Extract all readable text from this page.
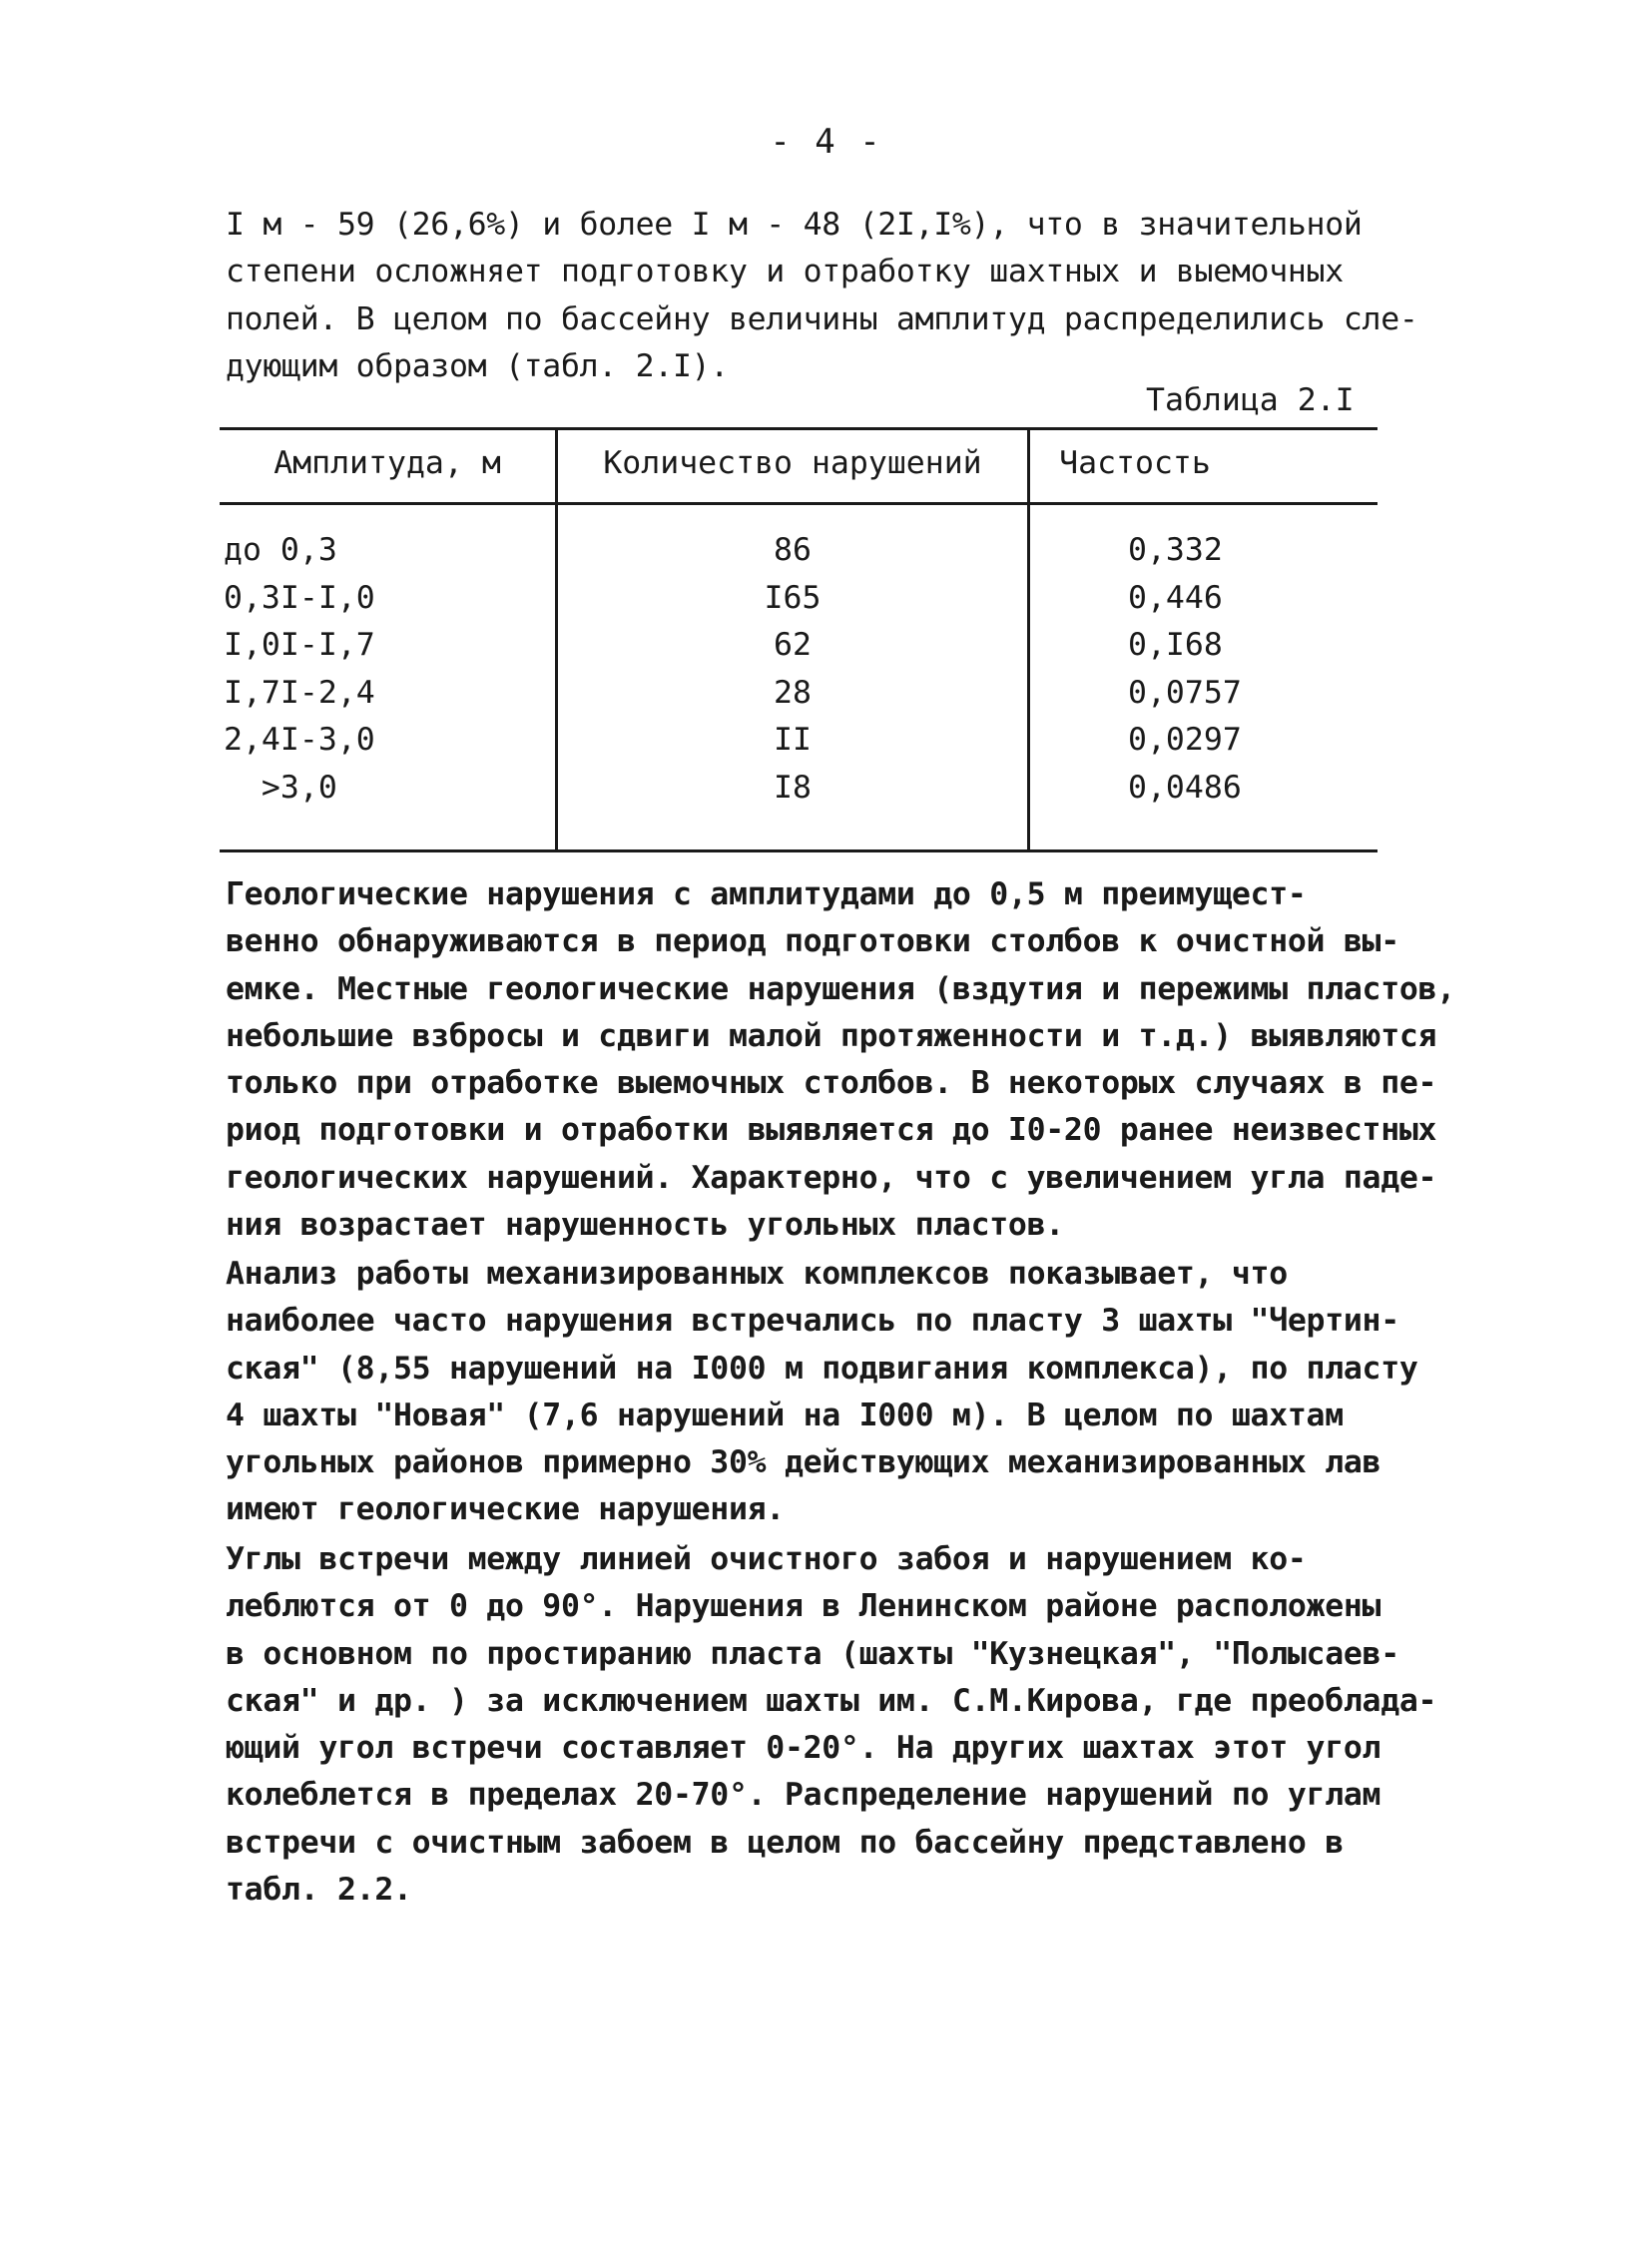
- 4 -

I м - 59 (26,6%) и более I м - 48 (2I,I%), что в значительной
степени осложняет подготовку и отработку шахтных и выемочных
полей. В целом по бассейну величины амплитуд распределились сле-
дующим образом (табл. 2.I).

Таблица 2.I
Амплитуда, м	Количество нарушений	Частость
до 0,3	86	0,332
0,3I-I,0	I65	0,446
I,0I-I,7	62	0,I68
I,7I-2,4	28	0,0757
2,4I-3,0	II	0,0297
>3,0	I8	0,0486

Геологические нарушения с амплитудами до 0,5 м преимущест-
венно обнаруживаются в период подготовки столбов к очистной вы-
емке. Местные геологические нарушения (вздутия и пережимы пластов,
небольшие взбросы и сдвиги малой протяженности и т.д.) выявляются
только при отработке выемочных столбов. В некоторых случаях в пе-
риод подготовки и отработки выявляется до I0-20 ранее неизвестных
геологических нарушений. Характерно, что с увеличением угла паде-
ния возрастает нарушенность угольных пластов.

Анализ работы механизированных комплексов показывает, что
наиболее часто нарушения встречались по пласту 3 шахты "Чертин-
ская" (8,55 нарушений на I000 м подвигания комплекса), по пласту
4 шахты "Новая" (7,6 нарушений на I000 м). В целом по шахтам
угольных районов примерно 30% действующих механизированных лав
имеют геологические нарушения.

Углы встречи между линией очистного забоя и нарушением ко-
леблются от 0 до 90°. Нарушения в Ленинском районе расположены
в основном по простиранию пласта (шахты "Кузнецкая", "Полысаев-
ская" и др. ) за исключением шахты им. С.М.Кирова, где преоблада-
ющий угол встречи составляет 0-20°. На других шахтах этот угол
колеблется в пределах 20-70°. Распределение нарушений по углам
встречи с очистным забоем в целом по бассейну представлено в
табл. 2.2.
